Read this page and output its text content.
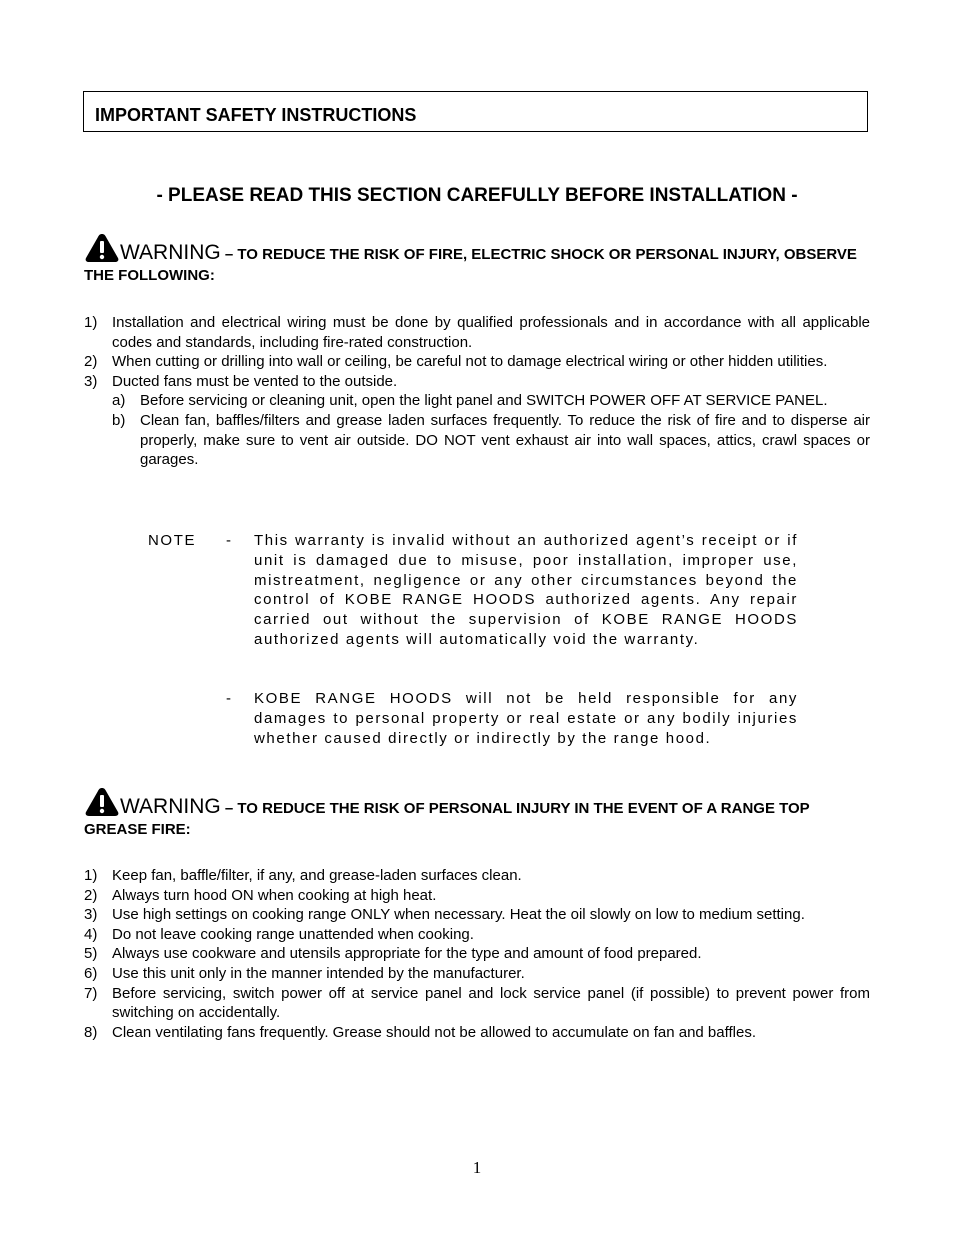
IMPORTANT SAFETY INSTRUCTIONS
- PLEASE READ THIS SECTION CAREFULLY BEFORE INSTALLATION -
WARNING – TO REDUCE THE RISK OF FIRE, ELECTRIC SHOCK OR PERSONAL INJURY, OBSERVE THE FOLLOWING:
1) Installation and electrical wiring must be done by qualified professionals and in accordance with all applicable codes and standards, including fire-rated construction.
2) When cutting or drilling into wall or ceiling, be careful not to damage electrical wiring or other hidden utilities.
3) Ducted fans must be vented to the outside.
a) Before servicing or cleaning unit, open the light panel and SWITCH POWER OFF AT SERVICE PANEL.
b) Clean fan, baffles/filters and grease laden surfaces frequently. To reduce the risk of fire and to disperse air properly, make sure to vent air outside. DO NOT vent exhaust air into wall spaces, attics, crawl spaces or garages.
NOTE - This warranty is invalid without an authorized agent’s receipt or if unit is damaged due to misuse, poor installation, improper use, mistreatment, negligence or any other circumstances beyond the control of KOBE RANGE HOODS authorized agents. Any repair carried out without the supervision of KOBE RANGE HOODS authorized agents will automatically void the warranty.
- KOBE RANGE HOODS will not be held responsible for any damages to personal property or real estate or any bodily injuries whether caused directly or indirectly by the range hood.
WARNING – TO REDUCE THE RISK OF PERSONAL INJURY IN THE EVENT OF A RANGE TOP GREASE FIRE:
1) Keep fan, baffle/filter, if any, and grease-laden surfaces clean.
2) Always turn hood ON when cooking at high heat.
3) Use high settings on cooking range ONLY when necessary. Heat the oil slowly on low to medium setting.
4) Do not leave cooking range unattended when cooking.
5) Always use cookware and utensils appropriate for the type and amount of food prepared.
6) Use this unit only in the manner intended by the manufacturer.
7) Before servicing, switch power off at service panel and lock service panel (if possible) to prevent power from switching on accidentally.
8) Clean ventilating fans frequently. Grease should not be allowed to accumulate on fan and baffles.
1
